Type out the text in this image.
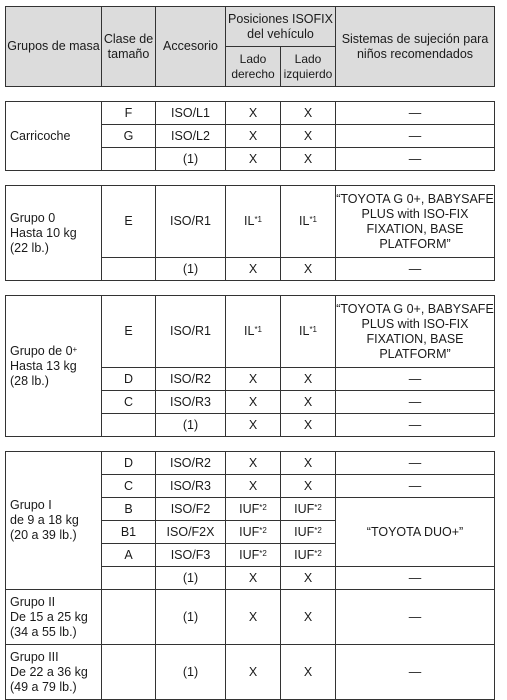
Grupos de masa	Clase de tamaño	Accesorio	Posiciones ISOFIX del vehículo		Sistemas de sujeción para niños recomendados
			Lado derecho	Lado izquierdo	

Carricoche	F	ISO/L1	X	X	—
	G	ISO/L2	X	X	—
		(1)	X	X	—

Grupo 0
Hasta 10 kg
(22 lb.)	E	ISO/R1	IL$^{*1}$	IL$^{*1}$	“TOYOTA G 0+, BABYSAFE PLUS with ISO-FIX FIXATION, BASE PLATFORM”
		(1)	X	X	—

Grupo de 0+
Hasta 13 kg
(28 lb.)	E	ISO/R1	IL$^{*1}$	IL$^{*1}$	“TOYOTA G 0+, BABYSAFE PLUS with ISO-FIX FIXATION, BASE PLATFORM”
	D	ISO/R2	X	X	—
	C	ISO/R3	X	X	—
		(1)	X	X	—

Grupo I
de 9 a 18 kg
(20 a 39 lb.)	D	ISO/R2	X	X	—
	C	ISO/R3	X	X	—
	B	ISO/F2	IUF$^{*2}$	IUF$^{*2}$	“TOYOTA DUO+”
	B1	ISO/F2X	IUF$^{*2}$	IUF$^{*2}$
	A	ISO/F3	IUF$^{*2}$	IUF$^{*2}$
		(1)	X	X	—

Grupo II
De 15 a 25 kg
(34 a 55 lb.)		(1)	X	X	—

Grupo III
De 22 a 36 kg
(49 a 79 lb.)		(1)	X	X	—
